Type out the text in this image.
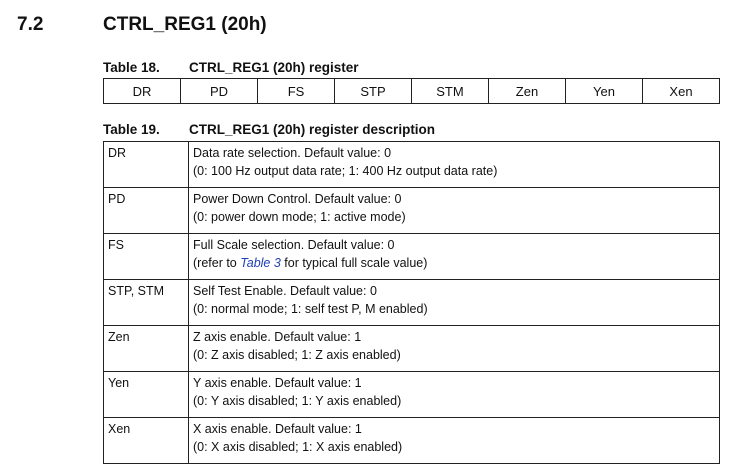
7.2	CTRL_REG1 (20h)
Table 18. CTRL_REG1 (20h) register
DR	PD	FS	STP	STM	Zen	Yen	Xen
Table 19. CTRL_REG1 (20h) register description
DR	Data rate selection. Default value: 0
(0: 100 Hz output data rate; 1: 400 Hz output data rate)

PD	Power Down Control. Default value: 0
(0: power down mode; 1: active mode)

FS	Full Scale selection. Default value: 0
(refer to Table 3 for typical full scale value)

STP, STM	Self Test Enable. Default value: 0
(0: normal mode; 1: self test P, M enabled)

Zen	Z axis enable. Default value: 1
(0: Z axis disabled; 1: Z axis enabled)

Yen	Y axis enable. Default value: 1
(0: Y axis disabled; 1: Y axis enabled)

Xen	X axis enable. Default value: 1
(0: X axis disabled; 1: X axis enabled)
